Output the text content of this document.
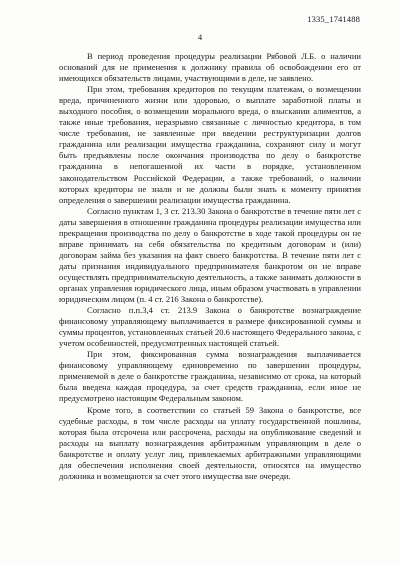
1335_1741488
4

В период проведения процедуры реализации Рябовой Л.Б. о наличии оснований для не применения к должнику правила об освобождении его от имеющихся обязательств лицами, участвующими в деле, не заявлено.

При этом, требования кредиторов по текущим платежам, о возмещении вреда, причиненного жизни или здоровью, о выплате заработной платы и выходного пособия, о возмещении морального вреда, о взыскании алиментов, а также иные требования, неразрывно связанные с личностью кредитора, в том числе требования, не заявленные при введении реструктуризации долгов гражданина или реализации имущества гражданина, сохраняют силу и могут быть предъявлены после окончания производства по делу о банкротстве гражданина в непогашенной их части в порядке, установленном законодательством Российской Федерации, а также требований, о наличии которых кредиторы не знали и не должны были знать к моменту принятия определения о завершении реализации имущества гражданина.

Согласно пунктам 1, 3 ст. 213.30 Закона о банкротстве в течение пяти лет с даты завершения в отношении гражданина процедуры реализации имущества или прекращения производства по делу о банкротстве в ходе такой процедуры он не вправе принимать на себя обязательства по кредитным договорам и (или) договорам займа без указания на факт своего банкротства. В течение пяти лет с даты признания индивидуального предпринимателя банкротом он не вправе осуществлять предпринимательскую деятельность, а также занимать должности в органах управления юридического лица, иным образом участвовать в управлении юридическим лицом (п. 4 ст. 216 Закона о банкротстве).

Согласно п.п.3,4 ст. 213.9 Закона о банкротстве вознаграждение финансовому управляющему выплачивается в размере фиксированной суммы и суммы процентов, установленных статьей 20.6 настоящего Федерального закона, с учетом особенностей, предусмотренных настоящей статьей.

При этом, фиксированная сумма вознаграждения выплачивается финансовому управляющему единовременно по завершении процедуры, применяемой в деле о банкротстве гражданина, независимо от срока, на который была введена каждая процедура, за счет средств гражданина, если иное не предусмотрено настоящим Федеральным законом.

Кроме того, в соответствии со статьей 59 Закона о банкротстве, все судебные расходы, в том числе расходы на уплату государственной пошлины, которая была отсрочена или рассрочена, расходы на опубликование сведений и расходы на выплату вознаграждения арбитражным управляющим в деле о банкротстве и оплату услуг лиц, привлекаемых арбитражными управляющими для обеспечения исполнения своей деятельности, относятся на имущество должника и возмещаются за счет этого имущества вне очереди.
